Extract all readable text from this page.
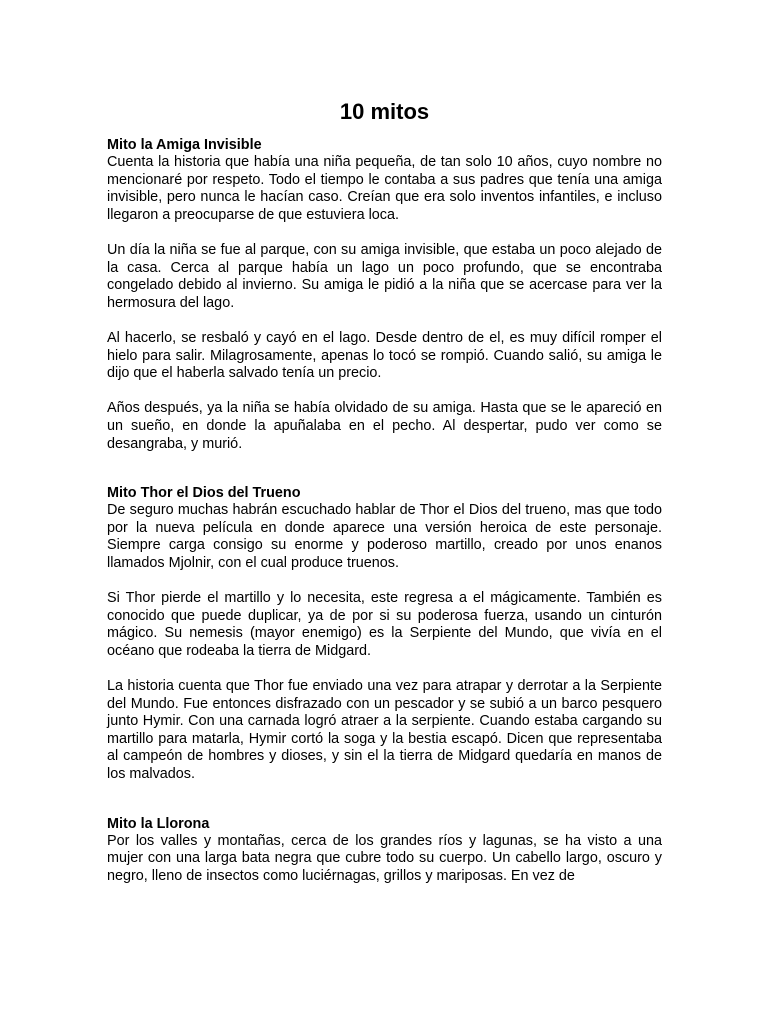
10 mitos
Mito la Amiga Invisible

Cuenta la historia que había una niña pequeña, de tan solo 10 años, cuyo nombre no mencionaré por respeto. Todo el tiempo le contaba a sus padres que tenía una amiga invisible, pero nunca le hacían caso. Creían que era solo inventos infantiles, e incluso llegaron a preocuparse de que estuviera loca.

Un día la niña se fue al parque, con su amiga invisible, que estaba un poco alejado de la casa. Cerca al parque había un lago un poco profundo, que se encontraba congelado debido al invierno. Su amiga le pidió a la niña que se acercase para ver la hermosura del lago.

Al hacerlo, se resbaló y cayó en el lago. Desde dentro de el, es muy difícil romper el hielo para salir. Milagrosamente, apenas lo tocó se rompió. Cuando salió, su amiga le dijo que el haberla salvado tenía un precio.

Años después, ya la niña se había olvidado de su amiga. Hasta que se le apareció en un sueño, en donde la apuñalaba en el pecho. Al despertar, pudo ver como se desangraba, y murió.

Mito Thor el Dios del Trueno

De seguro muchas habrán escuchado hablar de Thor el Dios del trueno, mas que todo por la nueva película en donde aparece una versión heroica de este personaje. Siempre carga consigo su enorme y poderoso martillo, creado por unos enanos llamados Mjolnir, con el cual produce truenos.

Si Thor pierde el martillo y lo necesita, este regresa a el mágicamente. También es conocido que puede duplicar, ya de por si su poderosa fuerza, usando un cinturón mágico. Su nemesis (mayor enemigo) es la Serpiente del Mundo, que vivía en el océano que rodeaba la tierra de Midgard.

La historia cuenta que Thor fue enviado una vez para atrapar y derrotar a la Serpiente del Mundo. Fue entonces disfrazado con un pescador y se subió a un barco pesquero junto Hymir. Con una carnada logró atraer a la serpiente. Cuando estaba cargando su martillo para matarla, Hymir cortó la soga y la bestia escapó. Dicen que representaba al campeón de hombres y dioses, y sin el la tierra de Midgard quedaría en manos de los malvados.

Mito la Llorona

Por los valles y montañas, cerca de los grandes ríos y lagunas, se ha visto a una mujer con una larga bata negra que cubre todo su cuerpo. Un cabello largo, oscuro y negro, lleno de insectos como luciérnagas, grillos y mariposas. En vez de
